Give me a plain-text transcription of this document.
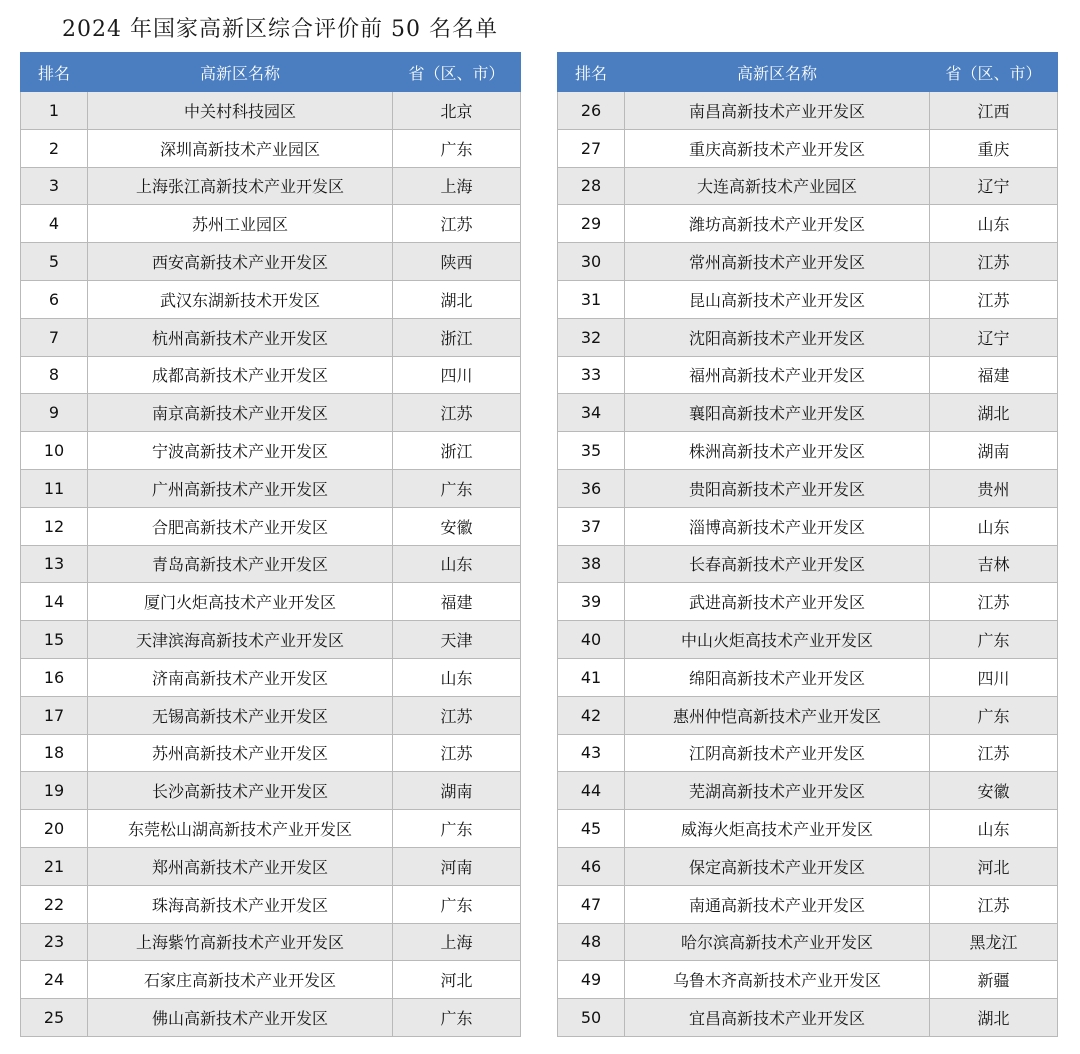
2024 年国家高新区综合评价前 50 名名单
排名	高新区名称	省（区、市）
1	中关村科技园区	北京
2	深圳高新技术产业园区	广东
3	上海张江高新技术产业开发区	上海
4	苏州工业园区	江苏
5	西安高新技术产业开发区	陕西
6	武汉东湖新技术开发区	湖北
7	杭州高新技术产业开发区	浙江
8	成都高新技术产业开发区	四川
9	南京高新技术产业开发区	江苏
10	宁波高新技术产业开发区	浙江
11	广州高新技术产业开发区	广东
12	合肥高新技术产业开发区	安徽
13	青岛高新技术产业开发区	山东
14	厦门火炬高技术产业开发区	福建
15	天津滨海高新技术产业开发区	天津
16	济南高新技术产业开发区	山东
17	无锡高新技术产业开发区	江苏
18	苏州高新技术产业开发区	江苏
19	长沙高新技术产业开发区	湖南
20	东莞松山湖高新技术产业开发区	广东
21	郑州高新技术产业开发区	河南
22	珠海高新技术产业开发区	广东
23	上海紫竹高新技术产业开发区	上海
24	石家庄高新技术产业开发区	河北
25	佛山高新技术产业开发区	广东
排名	高新区名称	省（区、市）
26	南昌高新技术产业开发区	江西
27	重庆高新技术产业开发区	重庆
28	大连高新技术产业园区	辽宁
29	潍坊高新技术产业开发区	山东
30	常州高新技术产业开发区	江苏
31	昆山高新技术产业开发区	江苏
32	沈阳高新技术产业开发区	辽宁
33	福州高新技术产业开发区	福建
34	襄阳高新技术产业开发区	湖北
35	株洲高新技术产业开发区	湖南
36	贵阳高新技术产业开发区	贵州
37	淄博高新技术产业开发区	山东
38	长春高新技术产业开发区	吉林
39	武进高新技术产业开发区	江苏
40	中山火炬高技术产业开发区	广东
41	绵阳高新技术产业开发区	四川
42	惠州仲恺高新技术产业开发区	广东
43	江阴高新技术产业开发区	江苏
44	芜湖高新技术产业开发区	安徽
45	威海火炬高技术产业开发区	山东
46	保定高新技术产业开发区	河北
47	南通高新技术产业开发区	江苏
48	哈尔滨高新技术产业开发区	黑龙江
49	乌鲁木齐高新技术产业开发区	新疆
50	宜昌高新技术产业开发区	湖北
